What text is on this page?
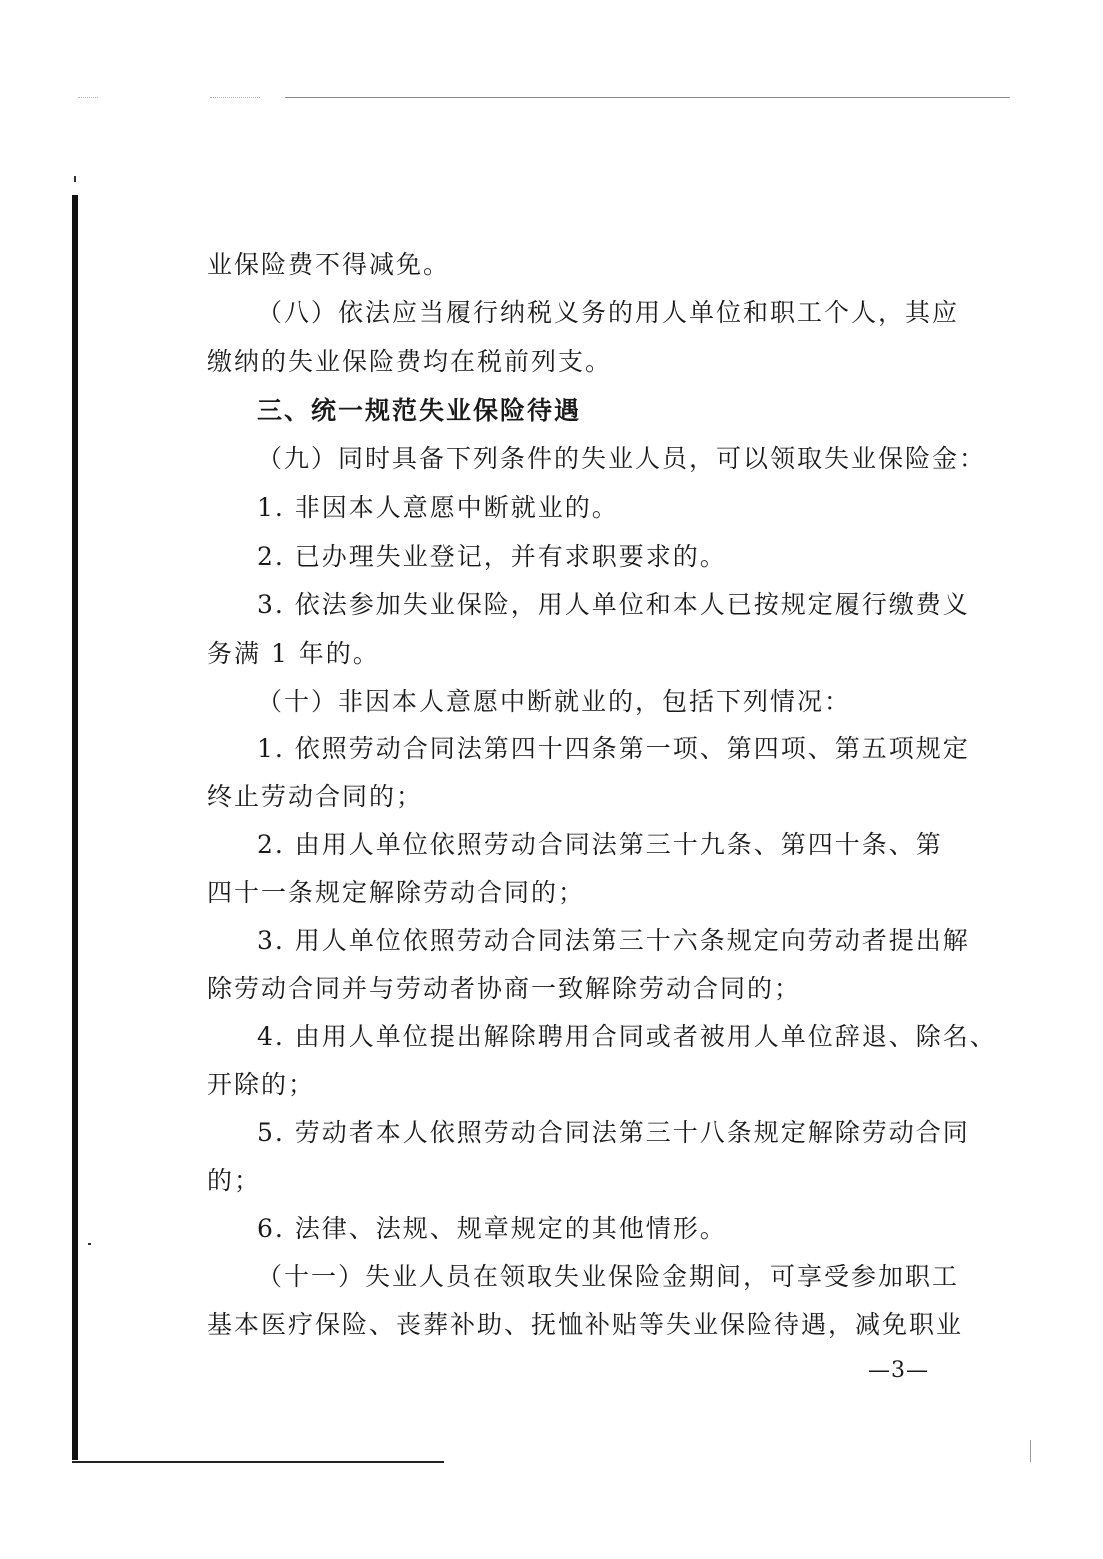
业保险费不得减免。
（八）依法应当履行纳税义务的用人单位和职工个人，其应
缴纳的失业保险费均在税前列支。
三、统一规范失业保险待遇
（九）同时具备下列条件的失业人员，可以领取失业保险金：
1. 非因本人意愿中断就业的。
2. 已办理失业登记，并有求职要求的。
3. 依法参加失业保险，用人单位和本人已按规定履行缴费义
务满 1 年的。
（十）非因本人意愿中断就业的，包括下列情况：
1. 依照劳动合同法第四十四条第一项、第四项、第五项规定
终止劳动合同的；
2. 由用人单位依照劳动合同法第三十九条、第四十条、第
四十一条规定解除劳动合同的；
3. 用人单位依照劳动合同法第三十六条规定向劳动者提出解
除劳动合同并与劳动者协商一致解除劳动合同的；
4. 由用人单位提出解除聘用合同或者被用人单位辞退、除名、
开除的；
5. 劳动者本人依照劳动合同法第三十八条规定解除劳动合同
的；
6. 法律、法规、规章规定的其他情形。
（十一）失业人员在领取失业保险金期间，可享受参加职工
基本医疗保险、丧葬补助、抚恤补贴等失业保险待遇，减免职业
—3—
